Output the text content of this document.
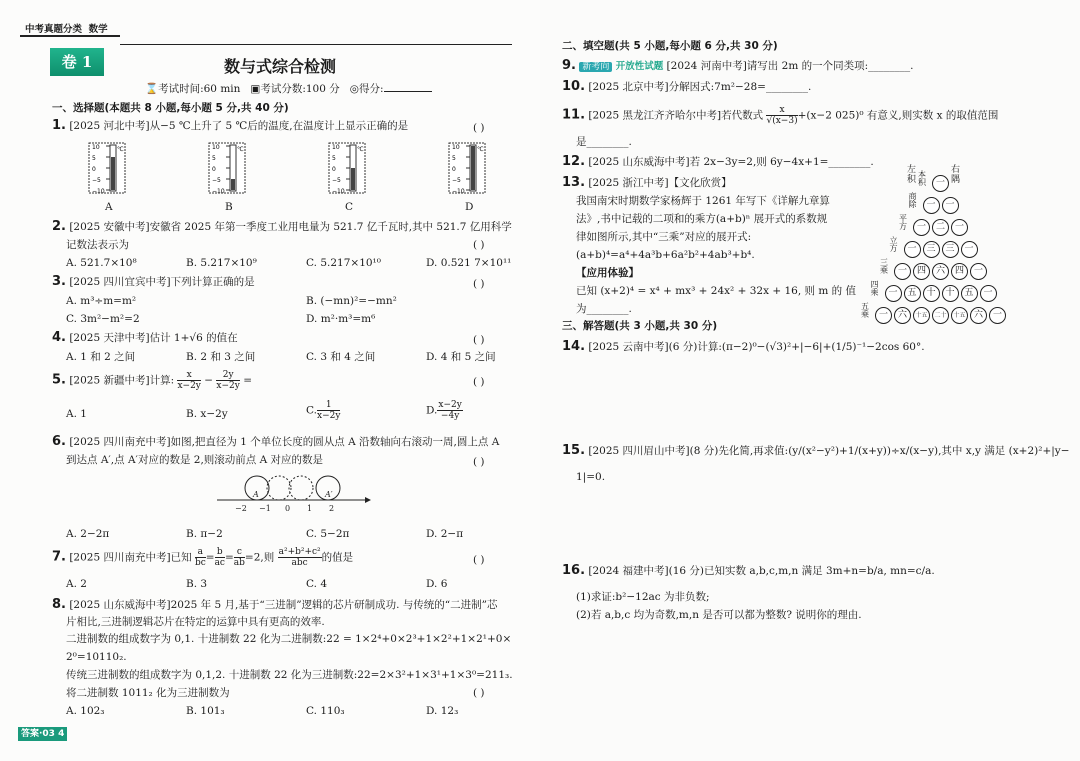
中考真题分类 数学
卷 1	数与式综合检测
⌛考试时间:60 min ▣考试分数:100 分 ◎得分:
一、选择题(本题共 8 小题,每小题 5 分,共 40 分)
1. [2025 河北中考]从−5 ℃上升了 5 ℃后的温度,在温度计上显示正确的是	( )
10
5
0
−5
−10
℃	10
5
0
−5
−10
℃	10
5
0
−5
−10
℃	10
5
0
−5
−10
℃
A	B	C	D
2. [2025 安徽中考]安徽省 2025 年第一季度工业用电量为 521.7 亿千瓦时,其中 521.7 亿用科学
记数法表示为	( )
A. 521.7×10⁸	B. 5.217×10⁹	C. 5.217×10¹⁰	D. 0.521 7×10¹¹
3. [2025 四川宜宾中考]下列计算正确的是	( )
A. m³÷m=m²	B. (−mn)²=−mn²
C. 3m²−m²=2	D. m²·m³=m⁶
4. [2025 天津中考]估计 1+√6 的值在	( )
A. 1 和 2 之间	B. 2 和 3 之间	C. 3 和 4 之间	D. 4 和 5 之间
5. [2025 新疆中考]计算: $\frac{x}{x-2y} - \frac{2y}{x-2y}$ =	( )
A. 1	B. x−2y	C. $\frac{1}{x-2y}$	D. $\frac{x-2y}{-4y}$
6. [2025 四川南充中考]如图,把直径为 1 个单位长度的圆从点 A 沿数轴向右滚动一周,圆上点 A
到达点 A′,点 A′对应的数是 2,则滚动前点 A 对应的数是	( )
−2 −1 0 1 2
A	A′
A. 2−2π	B. π−2	C. 5−2π	D. 2−π
7. [2025 四川南充中考]已知 $\frac{a}{bc} = \frac{b}{ac} = \frac{c}{ab} =2$,则 $\frac{\text{a²+b²+c²}}{\text{abc}}$ 的值是	( )
A. 2	B. 3	C. 4	D. 6
8. [2025 山东威海中考]2025 年 5 月,基于“三进制”逻辑的芯片研制成功. 与传统的“二进制”芯
片相比,三进制逻辑芯片在特定的运算中具有更高的效率.
二进制数的组成数字为 0,1. 十进制数 22 化为二进制数:22 = 1×2⁴+0×2³+1×2²+1×2¹+0×
2⁰=10110₂.
传统三进制数的组成数字为 0,1,2. 十进制数 22 化为三进制数:22=2×3²+1×3¹+1×3⁰=211₃.
将二进制数 1011₂ 化为三进制数为	( )
A. 102₃	B. 101₃	C. 110₃	D. 12₃
答案·03 4
二、填空题(共 5 小题,每小题 6 分,共 30 分)
9. 新考向 开放性试题 [2024 河南中考]请写出 2m 的一个同类项:________.
10. [2025 北京中考]分解因式:7m²−28=________.
11. [2025 黑龙江齐齐哈尔中考]若代数式 $\frac{x}{√(x-3)} +(x-2$ 025)⁰ 有意义,则实数 x 的取值范围
是________.
12. [2025 山东威海中考]若 2x−3y=2,则 6y−4x+1=________.
13. [2025 浙江中考]【文化欣赏】
我国南宋时期数学家杨辉于 1261 年写下《详解九章算
法》,书中记载的二项和的乘方(a+b)ⁿ 展开式的系数规
律如图所示,其中“三乘”对应的展开式:
(a+b)⁴=a⁴+4a³b+6a²b²+4ab³+b⁴.
【应用体验】
已知 (x+2)⁴ = x⁴ + mx³ + 24x² + 32x + 16, 则 m 的 值
为________.
左积
右隅
一
本积
一	一
商除
一	二	一
平方
一	三	三	一
立方
一	四	六	四	一
三乘
一	五	十	十	五	一
四乘
一	六	十五	二十	十五 六	一
五乘
三、解答题(共 3 小题,共 30 分)
14. [2025 云南中考](6 分)计算:(π−2)⁰−(√3)²+|−6|+(1/5)⁻¹−2cos 60°.
15. [2025 四川眉山中考](8 分)先化简,再求值:(y/(x²−y²)+1/(x+y))÷x/(x−y),其中 x,y 满足 (x+2)²+|y−
1|=0.
16. [2024 福建中考](16 分)已知实数 a,b,c,m,n 满足 3m+n=b/a, mn=c/a.
(1)求证:b²−12ac 为非负数;
(2)若 a,b,c 均为奇数,m,n 是否可以都为整数? 说明你的理由.
